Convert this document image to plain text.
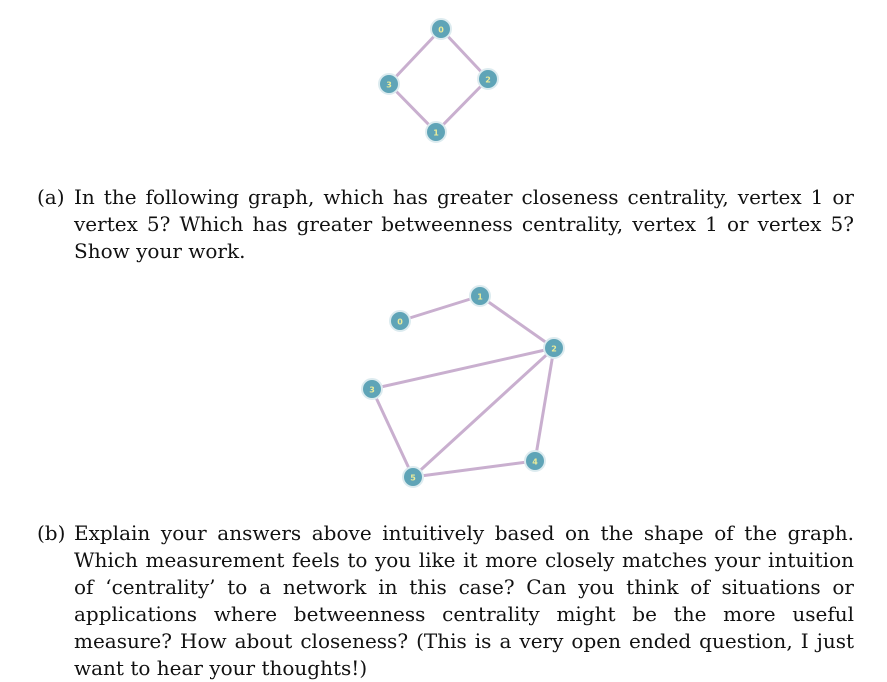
0
3
2
1
(a) In the following graph, which has greater closeness centrality, vertex 1 or vertex 5? Which has greater betweenness centrality, vertex 1 or vertex 5? Show your work.
0
1
2
3
4
5
(b) Explain your answers above intuitively based on the shape of the graph. Which measurement feels to you like it more closely matches your intuition of ‘centrality’ to a network in this case? Can you think of situations or applications where betweenness centrality might be the more useful measure? How about closeness? (This is a very open ended question, I just want to hear your thoughts!)
